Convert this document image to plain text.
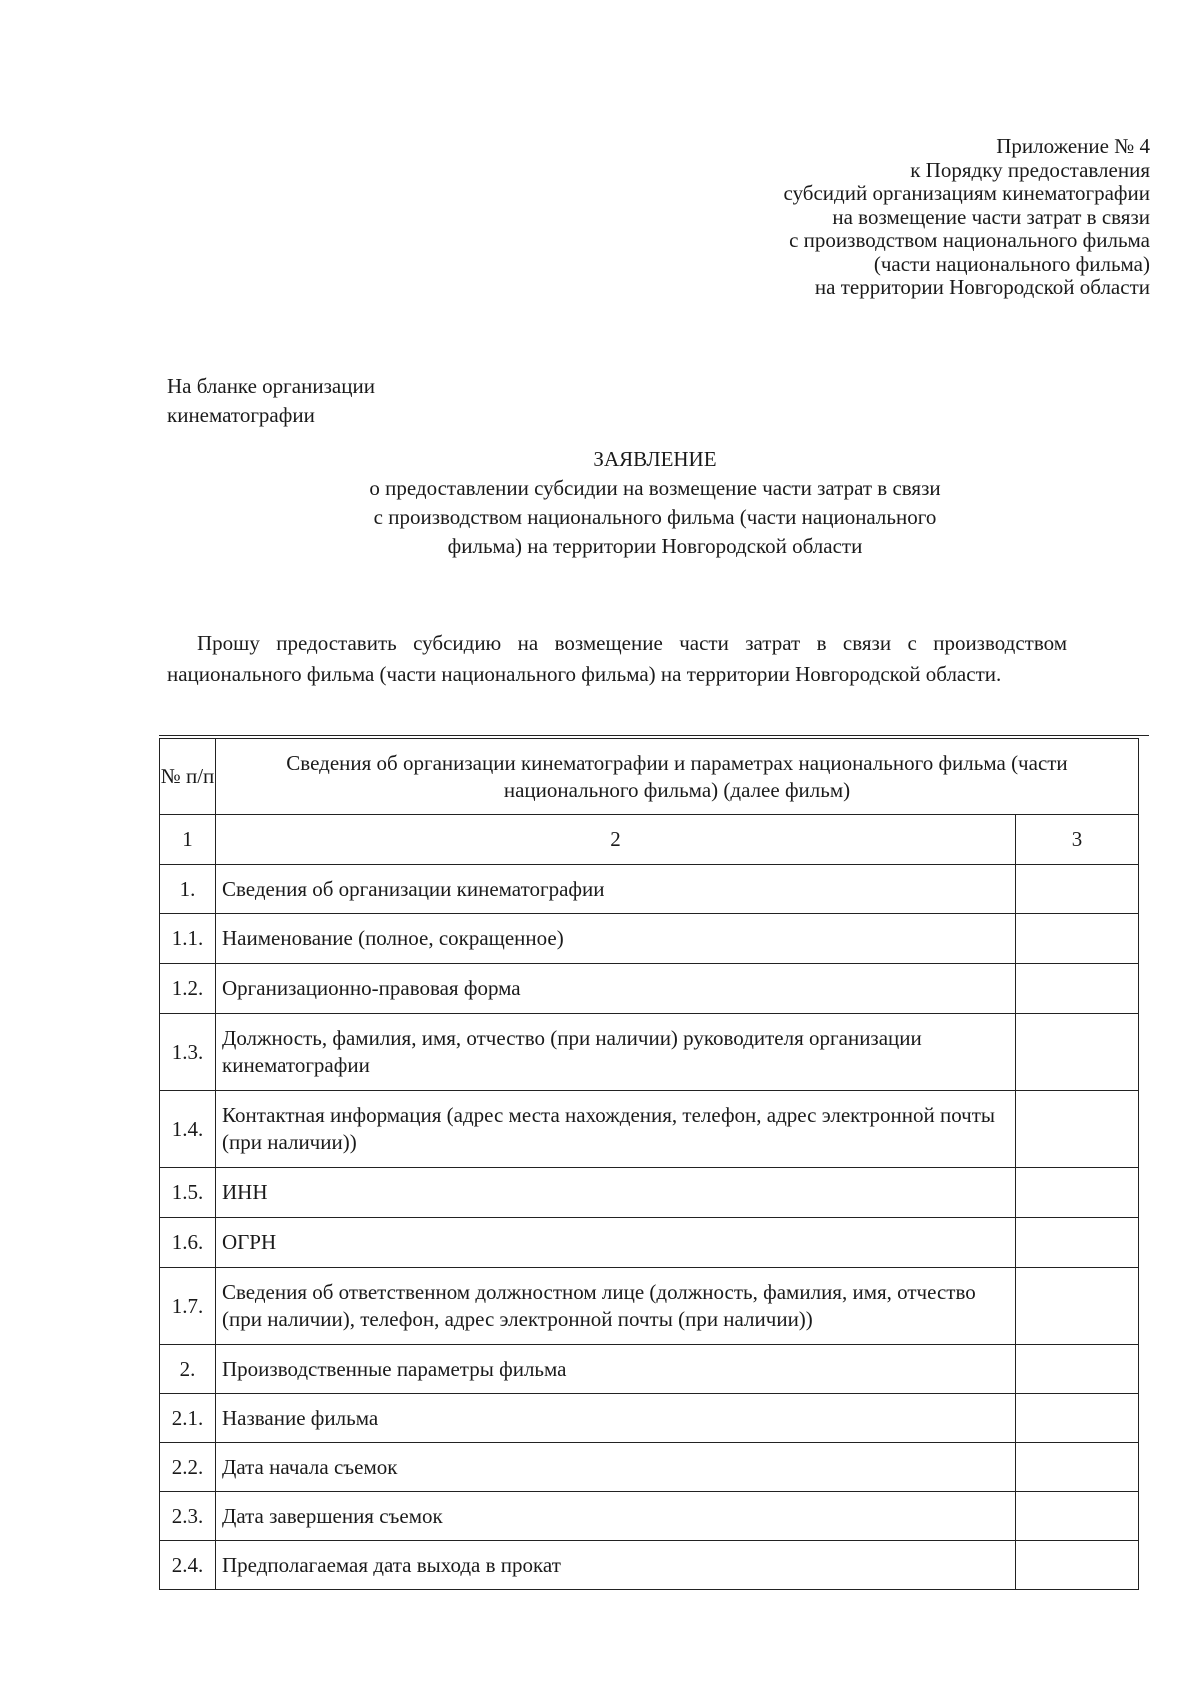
Приложение № 4
к Порядку предоставления
субсидий организациям кинематографии
на возмещение части затрат в связи
с производством национального фильма
(части национального фильма)
на территории Новгородской области
На бланке организации
кинематографии
ЗАЯВЛЕНИЕ
о предоставлении субсидии на возмещение части затрат в связи
с производством национального фильма (части национального
фильма) на территории Новгородской области
Прошу предоставить субсидию на возмещение части затрат в связи с производством
национального фильма (части национального фильма) на территории Новгородской области.
№ п/п	Сведения об организации кинематографии и параметрах национального фильма (части национального фильма) (далее фильм)	
1	2	3
1.	Сведения об организации кинематографии	
1.1.	Наименование (полное, сокращенное)	
1.2.	Организационно-правовая форма	
1.3.	Должность, фамилия, имя, отчество (при наличии) руководителя организации кинематографии	
1.4.	Контактная информация (адрес места нахождения, телефон, адрес электронной почты (при наличии))	
1.5.	ИНН	
1.6.	ОГРН	
1.7.	Сведения об ответственном должностном лице (должность, фамилия, имя, отчество (при наличии), телефон, адрес электронной почты (при наличии))	
2.	Производственные параметры фильма	
2.1.	Название фильма	
2.2.	Дата начала съемок	
2.3.	Дата завершения съемок	
2.4.	Предполагаемая дата выхода в прокат	
